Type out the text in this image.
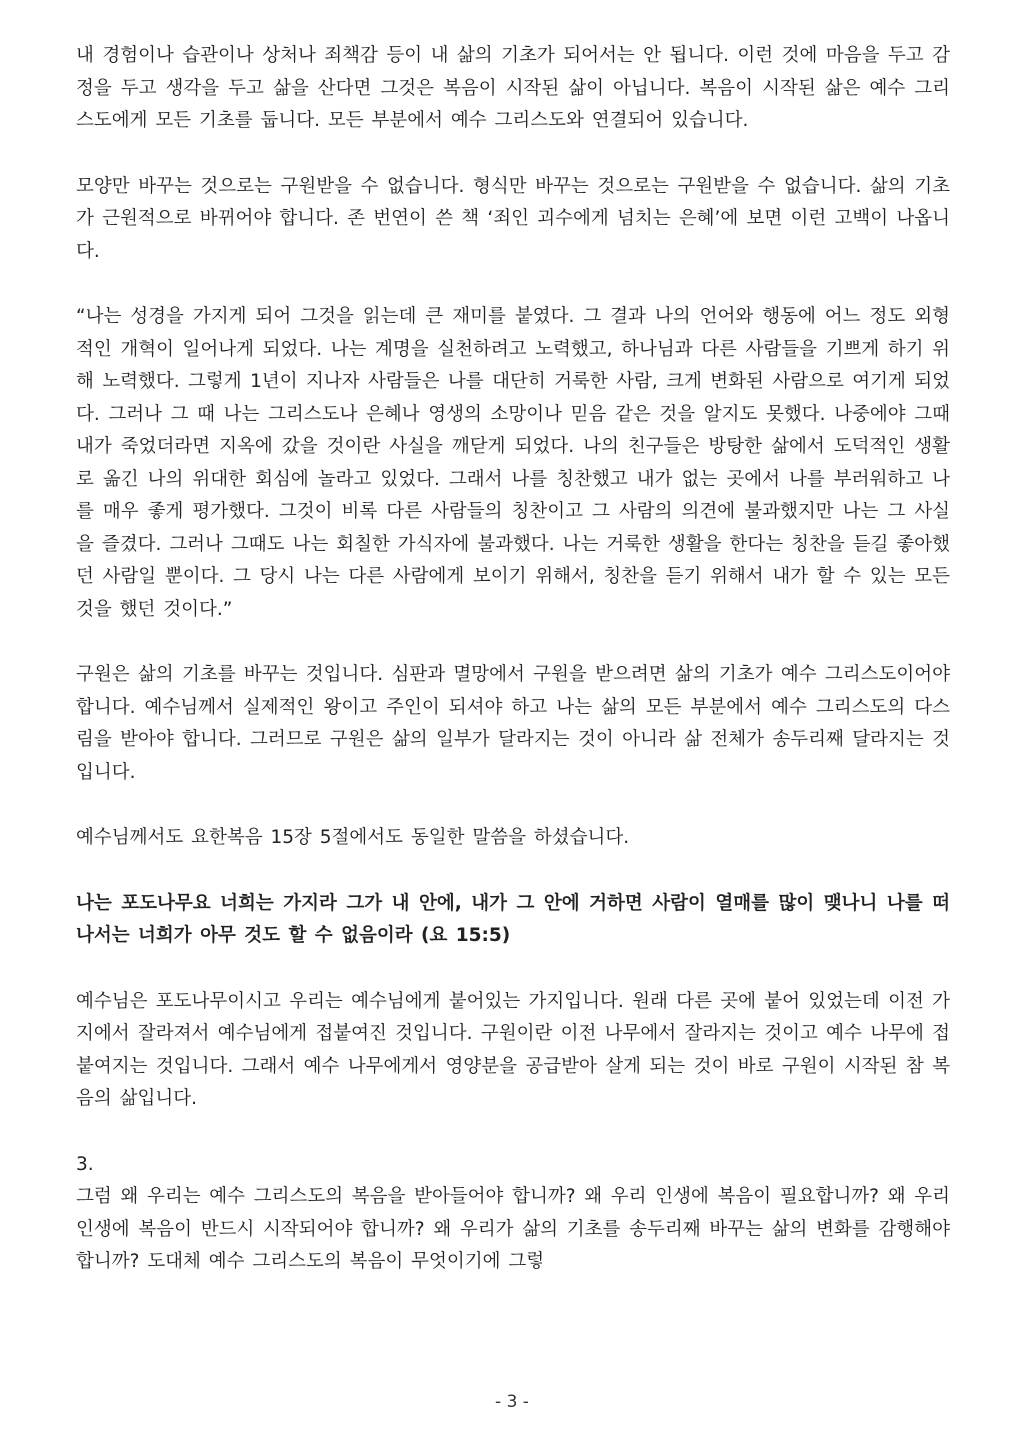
내 경험이나 습관이나 상처나 죄책감 등이 내 삶의 기초가 되어서는 안 됩니다. 이런 것에 마음을 두고 감정을 두고 생각을 두고 삶을 산다면 그것은 복음이 시작된 삶이 아닙니다. 복음이 시작된 삶은 예수 그리스도에게 모든 기초를 둡니다. 모든 부분에서 예수 그리스도와 연결되어 있습니다.

모양만 바꾸는 것으로는 구원받을 수 없습니다. 형식만 바꾸는 것으로는 구원받을 수 없습니다. 삶의 기초가 근원적으로 바뀌어야 합니다. 존 번연이 쓴 책 ‘죄인 괴수에게 넘치는 은혜’에 보면 이런 고백이 나옵니다.

“나는 성경을 가지게 되어 그것을 읽는데 큰 재미를 붙였다. 그 결과 나의 언어와 행동에 어느 정도 외형적인 개혁이 일어나게 되었다. 나는 계명을 실천하려고 노력했고, 하나님과 다른 사람들을 기쁘게 하기 위해 노력했다. 그렇게 1년이 지나자 사람들은 나를 대단히 거룩한 사람, 크게 변화된 사람으로 여기게 되었다. 그러나 그 때 나는 그리스도나 은혜나 영생의 소망이나 믿음 같은 것을 알지도 못했다. 나중에야 그때 내가 죽었더라면 지옥에 갔을 것이란 사실을 깨닫게 되었다. 나의 친구들은 방탕한 삶에서 도덕적인 생활로 옮긴 나의 위대한 회심에 놀라고 있었다. 그래서 나를 칭찬했고 내가 없는 곳에서 나를 부러워하고 나를 매우 좋게 평가했다. 그것이 비록 다른 사람들의 칭찬이고 그 사람의 의견에 불과했지만 나는 그 사실을 즐겼다. 그러나 그때도 나는 회칠한 가식자에 불과했다. 나는 거룩한 생활을 한다는 칭찬을 듣길 좋아했던 사람일 뿐이다. 그 당시 나는 다른 사람에게 보이기 위해서, 칭찬을 듣기 위해서 내가 할 수 있는 모든 것을 했던 것이다.”

구원은 삶의 기초를 바꾸는 것입니다. 심판과 멸망에서 구원을 받으려면 삶의 기초가 예수 그리스도이어야 합니다. 예수님께서 실제적인 왕이고 주인이 되셔야 하고 나는 삶의 모든 부분에서 예수 그리스도의 다스림을 받아야 합니다. 그러므로 구원은 삶의 일부가 달라지는 것이 아니라 삶 전체가 송두리째 달라지는 것입니다.

예수님께서도 요한복음 15장 5절에서도 동일한 말씀을 하셨습니다.

나는 포도나무요 너희는 가지라 그가 내 안에, 내가 그 안에 거하면 사람이 열매를 많이 맺나니 나를 떠나서는 너희가 아무 것도 할 수 없음이라 (요 15:5)

예수님은 포도나무이시고 우리는 예수님에게 붙어있는 가지입니다. 원래 다른 곳에 붙어 있었는데 이전 가지에서 잘라져서 예수님에게 접붙여진 것입니다. 구원이란 이전 나무에서 잘라지는 것이고 예수 나무에 접붙여지는 것입니다. 그래서 예수 나무에게서 영양분을 공급받아 살게 되는 것이 바로 구원이 시작된 참 복음의 삶입니다.

3.

그럼 왜 우리는 예수 그리스도의 복음을 받아들어야 합니까? 왜 우리 인생에 복음이 필요합니까? 왜 우리 인생에 복음이 반드시 시작되어야 합니까? 왜 우리가 삶의 기초를 송두리째 바꾸는 삶의 변화를 감행해야 합니까? 도대체 예수 그리스도의 복음이 무엇이기에 그렇

- 3 -
